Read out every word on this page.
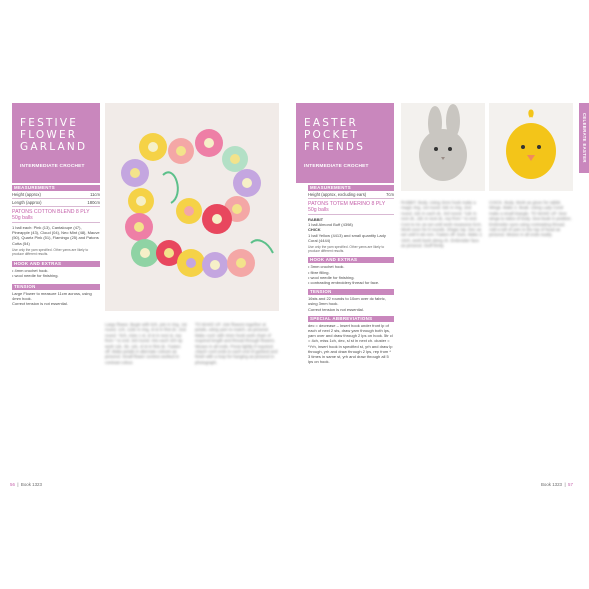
FESTIVE
FLOWER
GARLAND
INTERMEDIATE CROCHET
MEASUREMENTS
Height (approx)	11cm
Length (approx)	180cm
PATONS COTTON BLEND 8 PLY
50g balls
1 ball each: Pink (13), Cantaloupe (47), Pineapple (43), Cloud (04), Neo Mint (48), Mauve (50), Quartz Pink (51), Flamingo (25) and Patons Cotta (54)
Use only the yarn specified. Other yarns are likely to produce different results.
HOOK AND EXTRAS
• 4mm crochet hook.
• wool needle for finishing.
TENSION
Large Flower to measure 11cm across, using 4mm hook.
Correct tension is not essential.
Large flower. Begin with 5ch, join in ring. 1st round. 1ch, 12dc in ring, sl st in first dc. 2nd round. *3ch, miss 1 st, sl st in next st, rep from * to end. 3rd round. Into each 3ch sp work 1dc, 5tr, 1dc, sl st in first dc. Fasten off. Make petals in alternate colours as pictured. Small flower centres worked in contrast colour.
TO MAKE UP. Join flowers together at petals, using yarn to match, as pictured. Make cord: with 4mm hook work chain of required length and thread through flowers. Weave in all ends. Press lightly if required. Attach cord ends to each end of garland and finish with a loop for hanging as pictured in photograph.
56  |  Book 1323
EASTER
POCKET
FRIENDS
INTERMEDIATE CROCHET
MEASUREMENTS
Height (approx, excluding ears)	7cm
PATONS TOTEM MERINO 8 PLY
50g balls
RABBIT
1 ball Almond Buff (4398)
CHICK
1 ball Yellow (4413) and small quantity Lady Coral (4444)
Use only the yarn specified. Other yarns are likely to produce different results.
HOOK AND EXTRAS
• 3mm crochet hook.
• fibre filling.
• wool needle for finishing.
• contrasting embroidery thread for face.
TENSION
16sts and 22 rounds to 10cm over dc fabric, using 3mm hook.
Correct tension is not essential.
SPECIAL ABBREVIATIONS
dec = decrease – Insert hook under front lp of each of next 2 sts, draw yarn through both lps, yarn over and draw through 2 lps on hook. 5tr cl = 4ch, miss 1ch, dec, sl st in next ch. cluster = *Yrh, insert hook in specified st, yrh and draw lp through, yrh and draw through 2 lps, rep from * 3 times in same st, yrh and draw through all 5 lps on hook.
CELEBRATE EASTER
RABBIT. Body. Using 3mm hook make a magic ring. 1st round. 6dc in ring. 2nd round. 2dc in each dc. 3rd round. *1dc in next dc, 2dc in next dc, rep from * to end. Cont to inc as set until work measures 5cm. Work even for 8 rounds. Shape top. Dec as set until 6 sts rem. Fasten off. Ears. Make 2. 10ch, work back along ch. Embroider face as pictured. Stuff firmly.
CHICK. Body. Work as given for rabbit. Wings. Make 2. Beak. Using Lady Coral make a small triangle. TO MAKE UP. Sew wings to sides of body. Sew beak in position. Embroider eyes using contrasting thread. Add a tuft of yarn to the top of head as pictured. Weave in all ends neatly.
Book 1323  |  57
